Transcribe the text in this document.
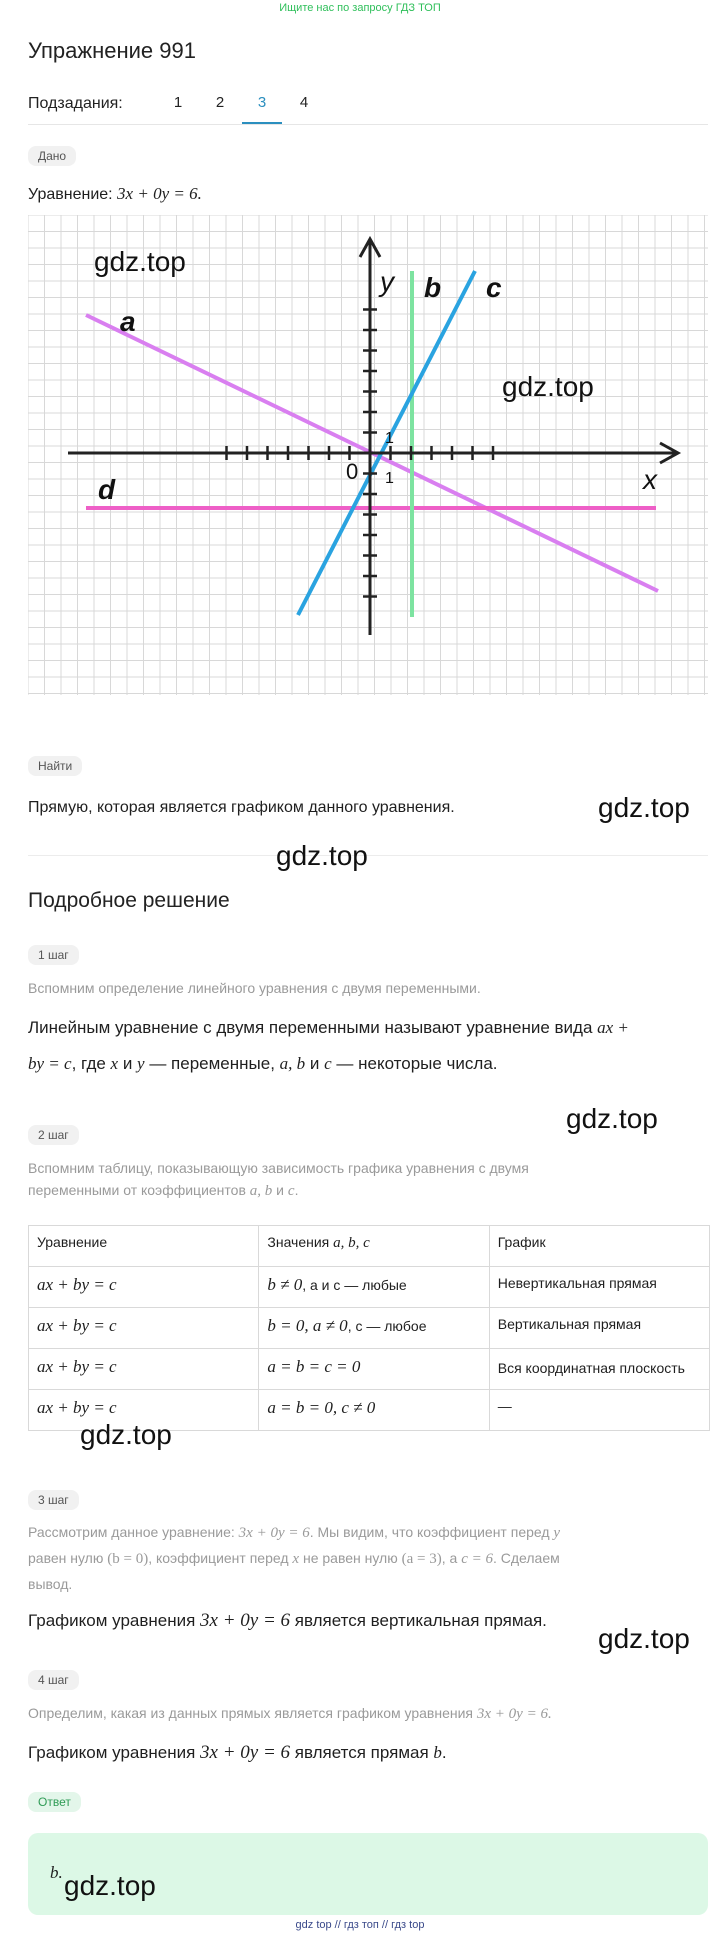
Ищите нас по запросу ГДЗ ТОП
Упражнение 991
Подзадания:	1	2	3	4
Дано
Уравнение: 3x + 0y = 6.
x
y
0 1
1
a
b c
d
Найти
Прямую, которая является графиком данного уравнения.
Подробное решение
1 шаг
Вспомним определение линейного уравнения с двумя переменными.
Линейным уравнение с двумя переменными называют уравнение вида ax +
by = c, где x и y — переменные, a, b и c — некоторые числа.
2 шаг
Вспомним таблицу, показывающую зависимость графика уравнения с двумя
переменными от коэффициентов a, b и c.
Уравнение	Значения a, b, c	График
ax + by = c	b ≠ 0, a и c — любые	Невертикальная прямая
ax + by = c	b = 0, a ≠ 0, c — любое	Вертикальная прямая
ax + by = c	a = b = c = 0	Вся координатная плоскость
ax + by = c	a = b = 0, c ≠ 0	—
3 шаг
Рассмотрим данное уравнение: 3x + 0y = 6. Мы видим, что коэффициент перед y
равен нулю (b = 0), коэффициент перед x не равен нулю (a = 3), а c = 6. Сделаем
вывод.
Графиком уравнения 3x + 0y = 6 является вертикальная прямая.
4 шаг
Определим, какая из данных прямых является графиком уравнения 3x + 0y = 6.
Графиком уравнения 3x + 0y = 6 является прямая b.
Ответ
b.
gdz.top
gdz.top
gdz.top
gdz.top
gdz.top
gdz.top
gdz.top
gdz.top
gdz top // гдз топ // гдз top
